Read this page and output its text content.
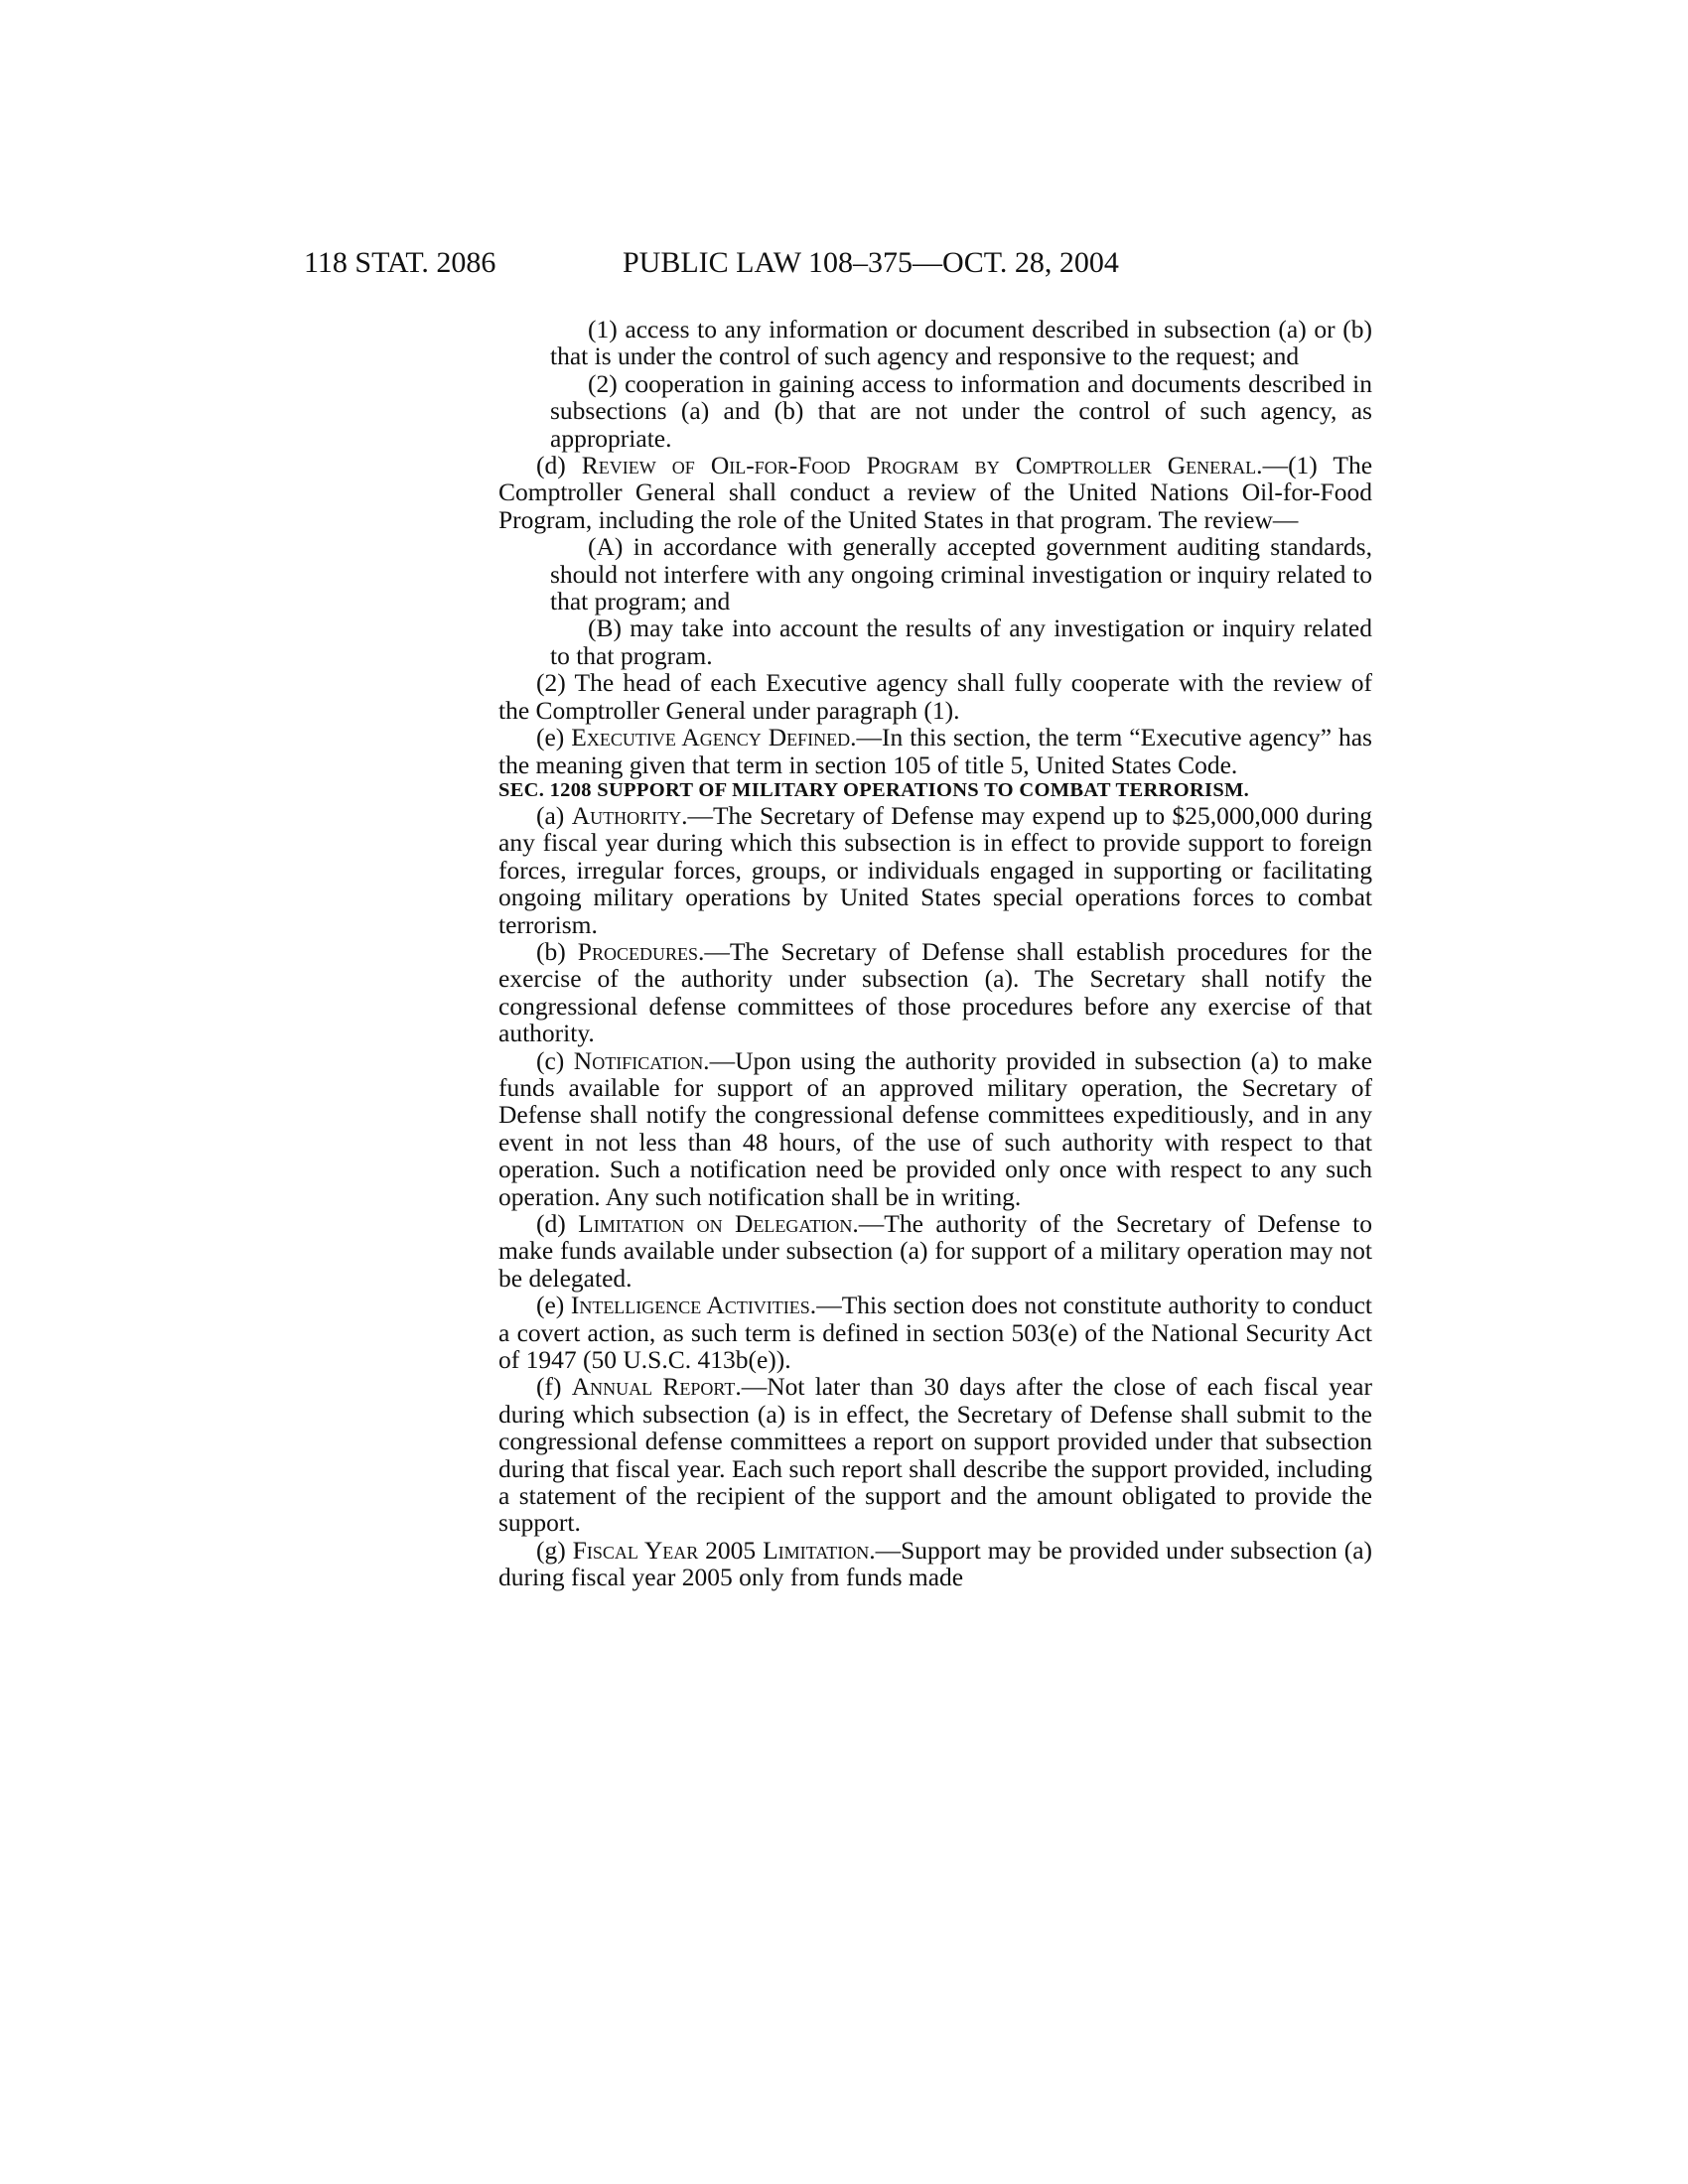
118 STAT. 2086	PUBLIC LAW 108–375—OCT. 28, 2004

(1) access to any information or document described in subsection (a) or (b) that is under the control of such agency and responsive to the request; and

(2) cooperation in gaining access to information and documents described in subsections (a) and (b) that are not under the control of such agency, as appropriate.

(d) Review of Oil-for-Food Program by Comptroller General.—(1) The Comptroller General shall conduct a review of the United Nations Oil-for-Food Program, including the role of the United States in that program. The review—

(A) in accordance with generally accepted government auditing standards, should not interfere with any ongoing criminal investigation or inquiry related to that program; and

(B) may take into account the results of any investigation or inquiry related to that program.

(2) The head of each Executive agency shall fully cooperate with the review of the Comptroller General under paragraph (1).

(e) Executive Agency Defined.—In this section, the term “Executive agency” has the meaning given that term in section 105 of title 5, United States Code.

SEC. 1208 SUPPORT OF MILITARY OPERATIONS TO COMBAT TERRORISM.

(a) Authority.—The Secretary of Defense may expend up to $25,000,000 during any fiscal year during which this subsection is in effect to provide support to foreign forces, irregular forces, groups, or individuals engaged in supporting or facilitating ongoing military operations by United States special operations forces to combat terrorism.

(b) Procedures.—The Secretary of Defense shall establish procedures for the exercise of the authority under subsection (a). The Secretary shall notify the congressional defense committees of those procedures before any exercise of that authority.

(c) Notification.—Upon using the authority provided in subsection (a) to make funds available for support of an approved military operation, the Secretary of Defense shall notify the congressional defense committees expeditiously, and in any event in not less than 48 hours, of the use of such authority with respect to that operation. Such a notification need be provided only once with respect to any such operation. Any such notification shall be in writing.

(d) Limitation on Delegation.—The authority of the Secretary of Defense to make funds available under subsection (a) for support of a military operation may not be delegated.

(e) Intelligence Activities.—This section does not constitute authority to conduct a covert action, as such term is defined in section 503(e) of the National Security Act of 1947 (50 U.S.C. 413b(e)).

(f) Annual Report.—Not later than 30 days after the close of each fiscal year during which subsection (a) is in effect, the Secretary of Defense shall submit to the congressional defense committees a report on support provided under that subsection during that fiscal year. Each such report shall describe the support provided, including a statement of the recipient of the support and the amount obligated to provide the support.

(g) Fiscal Year 2005 Limitation.—Support may be provided under subsection (a) during fiscal year 2005 only from funds made
